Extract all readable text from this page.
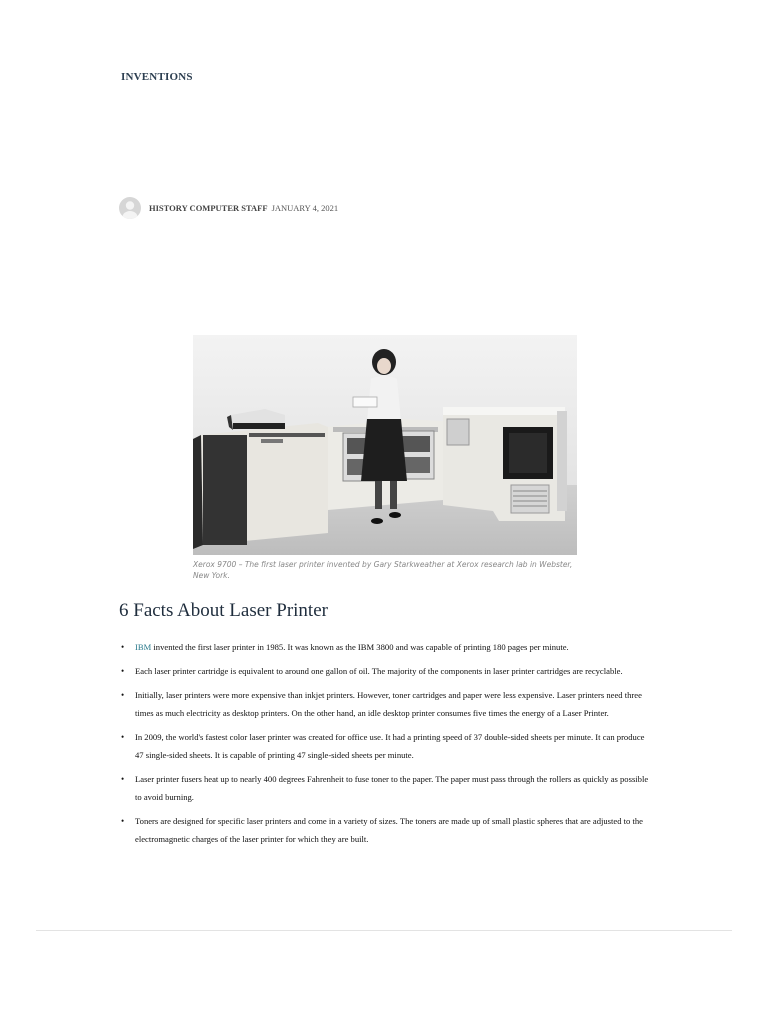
INVENTIONS
HISTORY COMPUTER STAFF JANUARY 4, 2021
Xerox 9700 – The first laser printer invented by Gary Starkweather at Xerox research lab in Webster, New York.
6 Facts About Laser Printer
• IBM invented the first laser printer in 1985. It was known as the IBM 3800 and was capable of printing 180 pages per minute.
• Each laser printer cartridge is equivalent to around one gallon of oil. The majority of the components in laser printer cartridges are recyclable.
• Initially, laser printers were more expensive than inkjet printers. However, toner cartridges and paper were less expensive. Laser printers need three times as much electricity as desktop printers. On the other hand, an idle desktop printer consumes five times the energy of a Laser Printer.
• In 2009, the world's fastest color laser printer was created for office use. It had a printing speed of 37 double-sided sheets per minute. It can produce 47 single-sided sheets. It is capable of printing 47 single-sided sheets per minute.
• Laser printer fusers heat up to nearly 400 degrees Fahrenheit to fuse toner to the paper. The paper must pass through the rollers as quickly as possible to avoid burning.
• Toners are designed for specific laser printers and come in a variety of sizes. The toners are made up of small plastic spheres that are adjusted to the electromagnetic charges of the laser printer for which they are built.
